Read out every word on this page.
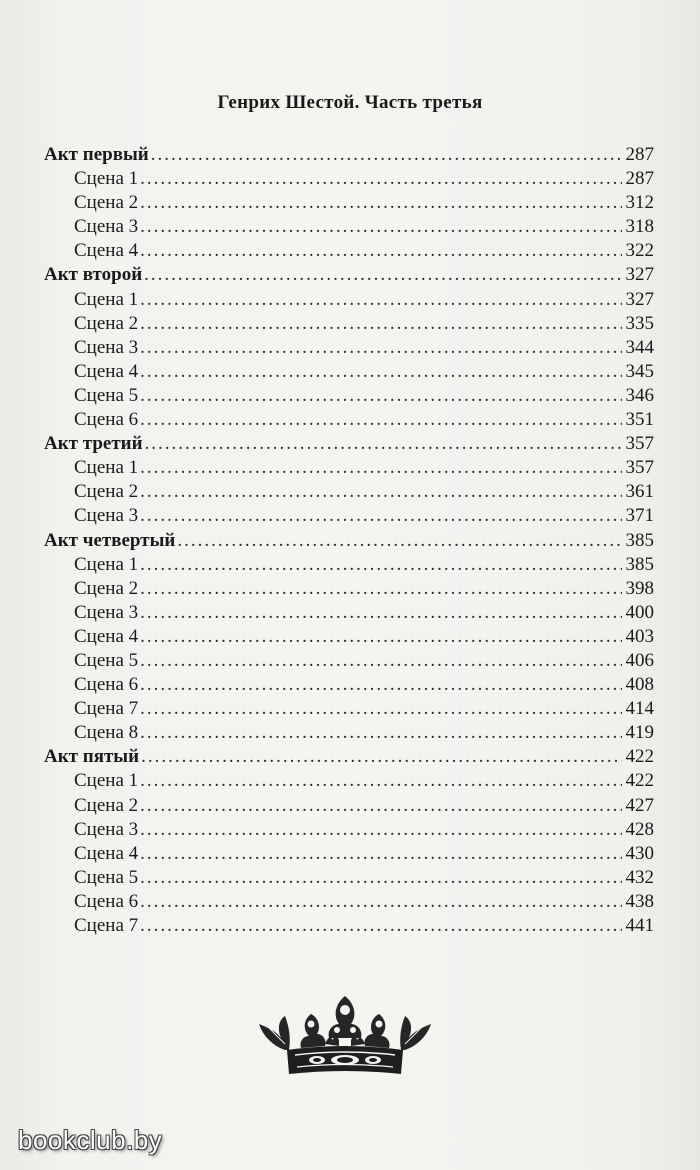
Генрих Шестой. Часть третья
Акт первый .....	287
Сцена 1 .....	287
Сцена 2 .....	312
Сцена 3 .....	318
Сцена 4 .....	322
Акт второй .....	327
Сцена 1 .....	327
Сцена 2 .....	335
Сцена 3 .....	344
Сцена 4 .....	345
Сцена 5 .....	346
Сцена 6 .....	351
Акт третий .....	357
Сцена 1 .....	357
Сцена 2 .....	361
Сцена 3 .....	371
Акт четвертый .....	385
Сцена 1 .....	385
Сцена 2 .....	398
Сцена 3 .....	400
Сцена 4 .....	403
Сцена 5 .....	406
Сцена 6 .....	408
Сцена 7 .....	414
Сцена 8 .....	419
Акт пятый .....	422
Сцена 1 .....	422
Сцена 2 .....	427
Сцена 3 .....	428
Сцена 4 .....	430
Сцена 5 .....	432
Сцена 6 .....	438
Сцена 7 .....	441
bookclub.by
